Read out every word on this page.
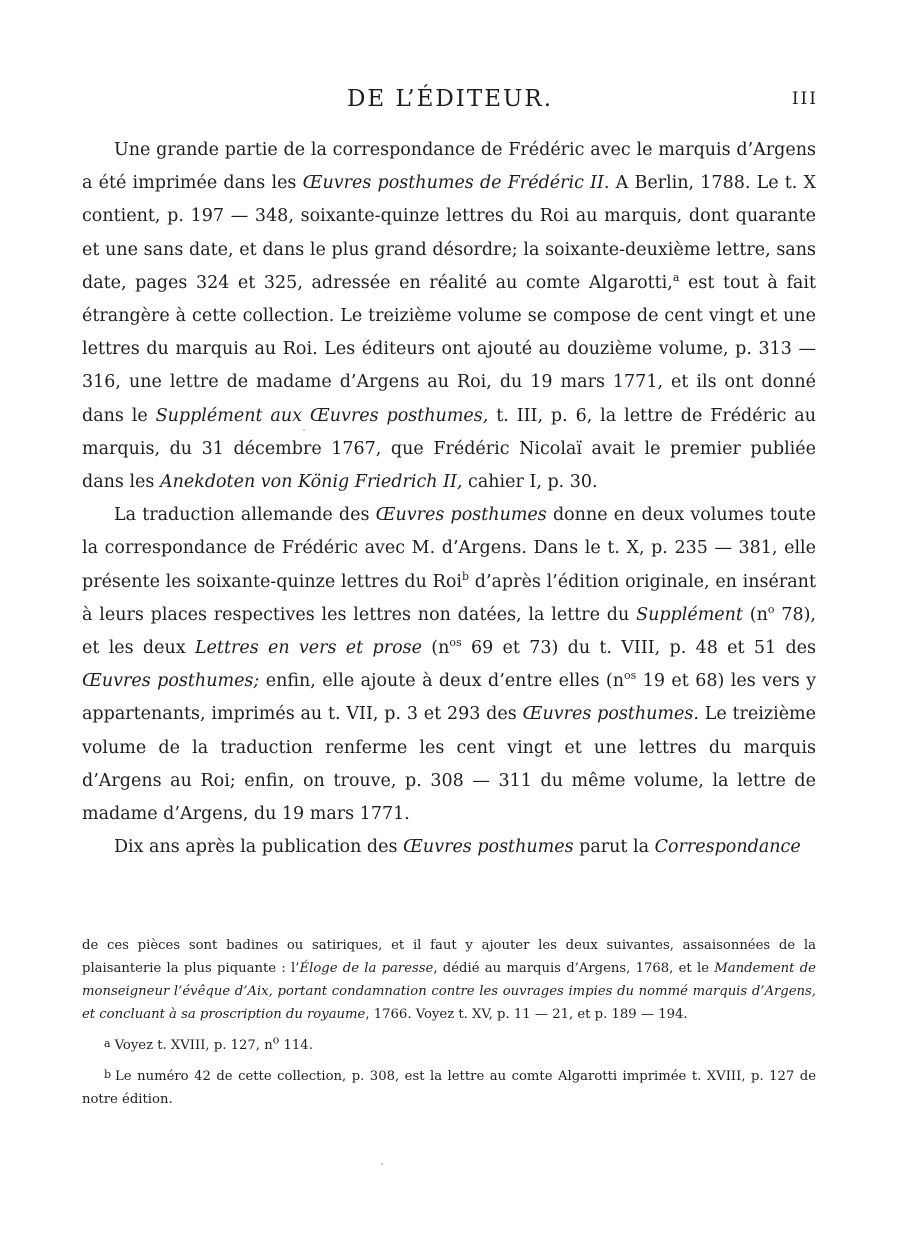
DE L’ÉDITEUR.	III

Une grande partie de la correspondance de Frédéric avec le marquis d’Argens a été imprimée dans les Œuvres posthumes de Frédéric II. A Berlin, 1788. Le t. X contient, p. 197 — 348, soixante-quinze lettres du Roi au marquis, dont quarante et une sans date, et dans le plus grand désordre; la soixante-deuxième lettre, sans date, pages 324 et 325, adressée en réalité au comte Algarotti,$^a$ est tout à fait étrangère à cette collection. Le treizième volume se compose de cent vingt et une lettres du marquis au Roi. Les éditeurs ont ajouté au douzième volume, p. 313 — 316, une lettre de madame d’Argens au Roi, du 19 mars 1771, et ils ont donné dans le Supplément aux Œuvres posthumes, t. III, p. 6, la lettre de Frédéric au marquis, du 31 décembre 1767, que Frédéric Nicolaï avait le premier publiée dans les Anekdoten von König Friedrich II, cahier I, p. 30.

La traduction allemande des Œuvres posthumes donne en deux volumes toute la correspondance de Frédéric avec M. d’Argens. Dans le t. X, p. 235 — 381, elle présente les soixante-quinze lettres du Roi$^b$ d’après l’édition originale, en insérant à leurs places respectives les lettres non datées, la lettre du Supplément ($n^o$ 78), et les deux Lettres en vers et prose ($n^{os}$ 69 et 73) du t. VIII, p. 48 et 51 des Œuvres posthumes; enfin, elle ajoute à deux d’entre elles ($n^{os}$ 19 et 68) les vers y appartenants, imprimés au t. VII, p. 3 et 293 des Œuvres posthumes. Le treizième volume de la traduction renferme les cent vingt et une lettres du marquis d’Argens au Roi; enfin, on trouve, p. 308 — 311 du même volume, la lettre de madame d’Argens, du 19 mars 1771.

Dix ans après la publication des Œuvres posthumes parut la Correspondance

de ces pièces sont badines ou satiriques, et il faut y ajouter les deux suivantes, assaisonnées de la plaisanterie la plus piquante : l’Éloge de la paresse, dédié au marquis d’Argens, 1768, et le Mandement de monseigneur l’évêque d’Aix, portant condamnation contre les ouvrages impies du nommé marquis d’Argens, et concluant à sa proscription du royaume, 1766. Voyez t. XV, p. 11 — 21, et p. 189 — 194.

a Voyez t. XVIII, p. 127, $n^o$ 114.

b Le numéro 42 de cette collection, p. 308, est la lettre au comte Algarotti imprimée t. XVIII, p. 127 de notre édition.
